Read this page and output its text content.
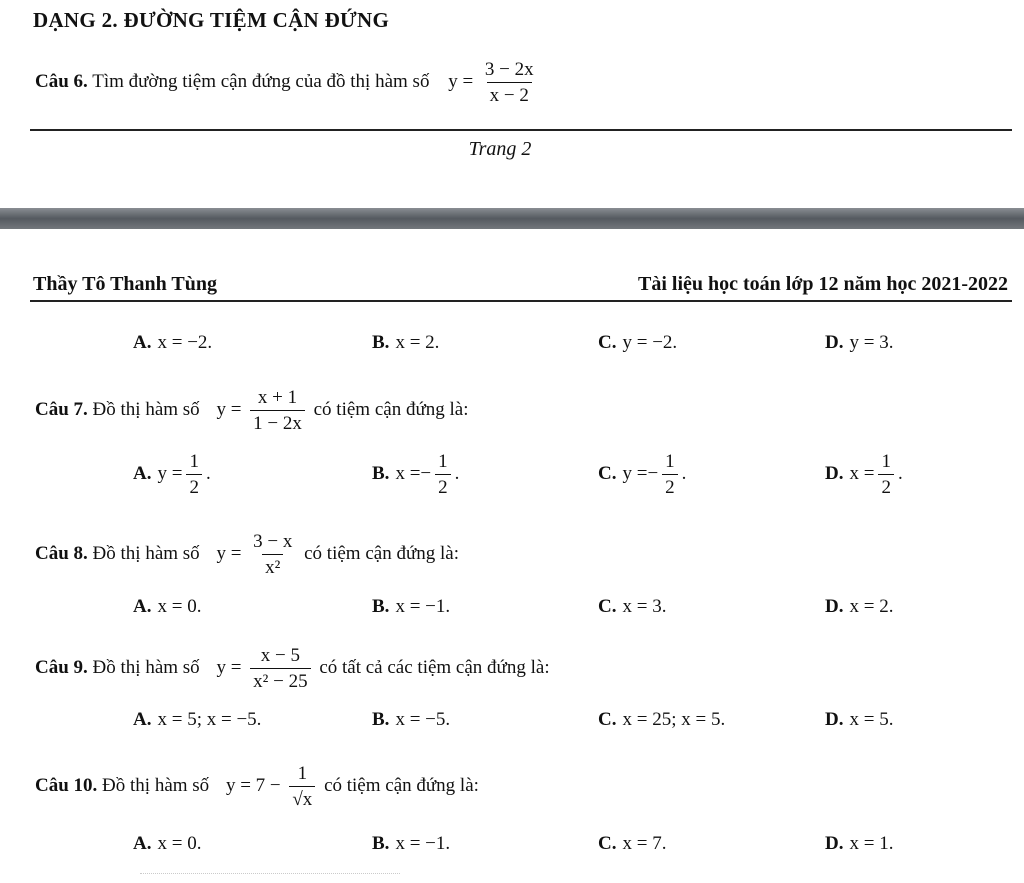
DẠNG 2. ĐƯỜNG TIỆM CẬN ĐỨNG
Câu 6. Tìm đường tiệm cận đứng của đồ thị hàm số $y = \frac{3 - 2x}{x - 2}$
Trang 2
Thầy Tô Thanh Tùng	Tài liệu học toán lớp 12 năm học 2021-2022
A. x = −2.	B. x = 2.	C. y = −2.	D. y = 3.
Câu 7. Đồ thị hàm số $y = \frac{x + 1}{1 - 2x}$ có tiệm cận đứng là:
A. $y = \frac{1}{2}$ .	B. $x =- \frac{1}{2}$ .	C. $y =- \frac{1}{2}$ .	D. $x = \frac{1}{2}$ .
Câu 8. Đồ thị hàm số $y = \frac{3 - x}{\text{x²}}$ có tiệm cận đứng là:
A. x = 0.	B. x = −1.	C. x = 3.	D. x = 2.
Câu 9. Đồ thị hàm số $y = \frac{x - 5}{\text{x² − 25}}$ có tất cả các tiệm cận đứng là:
A. x = 5; x = −5.	B. x = −5.	C. x = 25; x = 5.	D. x = 5.
Câu 10. Đồ thị hàm số $y = 7 - \frac{1}{√x}$ có tiệm cận đứng là:
A. x = 0.	B. x = −1.	C. x = 7.	D. x = 1.
